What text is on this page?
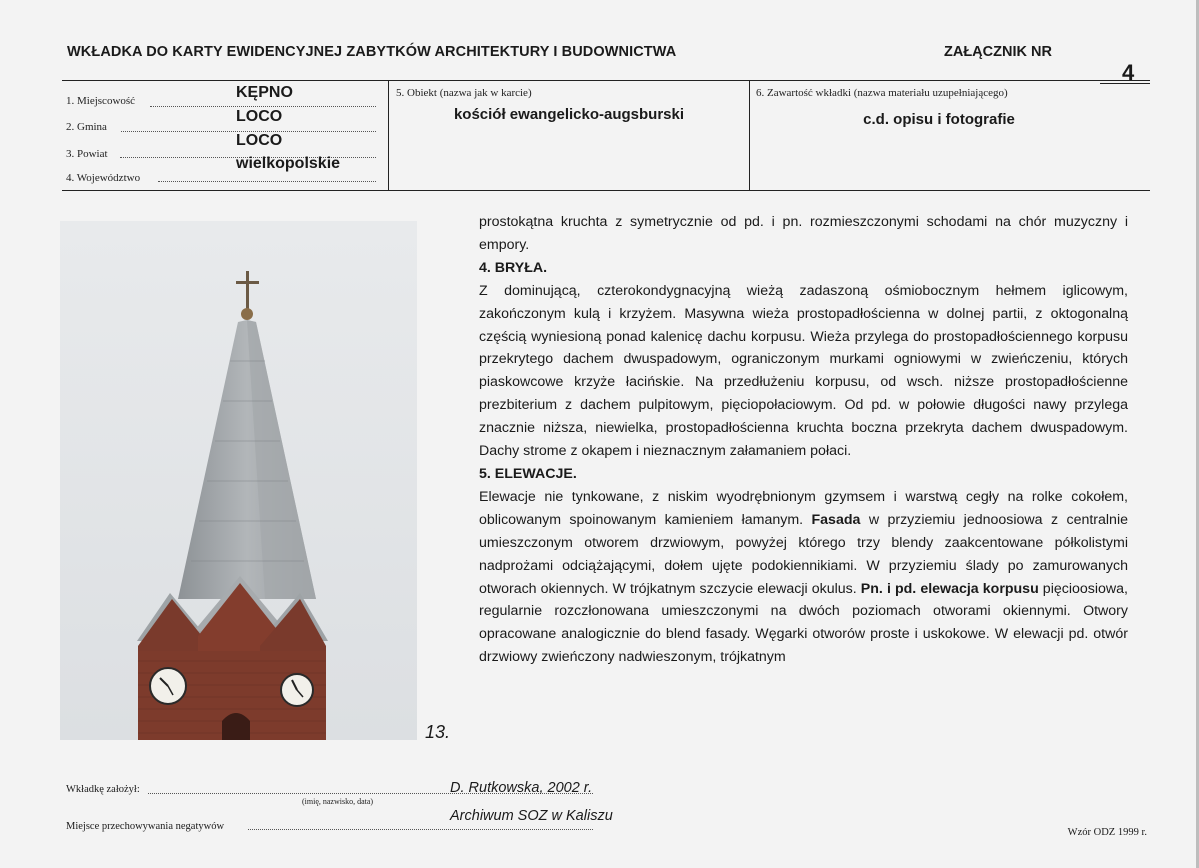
WKŁADKA DO KARTY EWIDENCYJNEJ ZABYTKÓW ARCHITEKTURY I BUDOWNICTWA	ZAŁĄCZNIK NR
4
1. Miejscowość	KĘPNO
2. Gmina
LOCO
3. Powiat
LOCO
4. Województwo
wielkopolskie
5. Obiekt (nazwa jak w karcie)
kościół ewangelicko-augsburski
6. Zawartość wkładki (nazwa materiału uzupełniającego)
c.d. opisu i fotografie
13.

prostokątna kruchta z symetrycznie od pd. i pn. rozmieszczonymi schodami na chór muzyczny i empory.

4. BRYŁA.

Z dominującą, czterokondygnacyjną wieżą zadaszoną ośmiobocznym hełmem iglicowym, zakończonym kulą i krzyżem. Masywna wieża prostopadłościenna w dolnej partii, z oktogonalną częścią wyniesioną ponad kalenicę dachu korpusu. Wieża przylega do prostopadłościennego korpusu przekrytego dachem dwuspadowym, ograniczonym murkami ogniowymi w zwieńczeniu, których piaskowcowe krzyże łacińskie. Na przedłużeniu korpusu, od wsch. niższe prostopadłościenne prezbiterium z dachem pulpitowym, pięciopołaciowym. Od pd. w połowie długości nawy przylega znacznie niższa, niewielka, prostopadłościenna kruchta boczna przekryta dachem dwuspadowym. Dachy strome z okapem i nieznacznym załamaniem połaci.

5. ELEWACJE.

Elewacje nie tynkowane, z niskim wyodrębnionym gzymsem i warstwą cegły na rolke cokołem, oblicowanym spoinowanym kamieniem łamanym. Fasada w przyziemiu jednoosiowa z centralnie umieszczonym otworem drzwiowym, powyżej którego trzy blendy zaakcentowane półkolistymi nadprożami odciążającymi, dołem ujęte podokiennikiami. W przyziemiu ślady po zamurowanych otworach okiennych. W trójkatnym szczycie elewacji okulus. Pn. i pd. elewacja korpusu pięcioosiowa, regularnie rozczłonowana umieszczonymi na dwóch poziomach otworami okiennymi. Otwory opracowane analogicznie do blend fasady. Węgarki otworów proste i uskokowe. W elewacji pd. otwór drzwiowy zwieńczony nadwieszonym, trójkatnym

Wkładkę założył:	D. Rutkowska, 2002 r.
(imię, nazwisko, data)
Miejsce przechowywania negatywów
Archiwum SOZ w Kaliszu
Wzór ODZ 1999 r.
